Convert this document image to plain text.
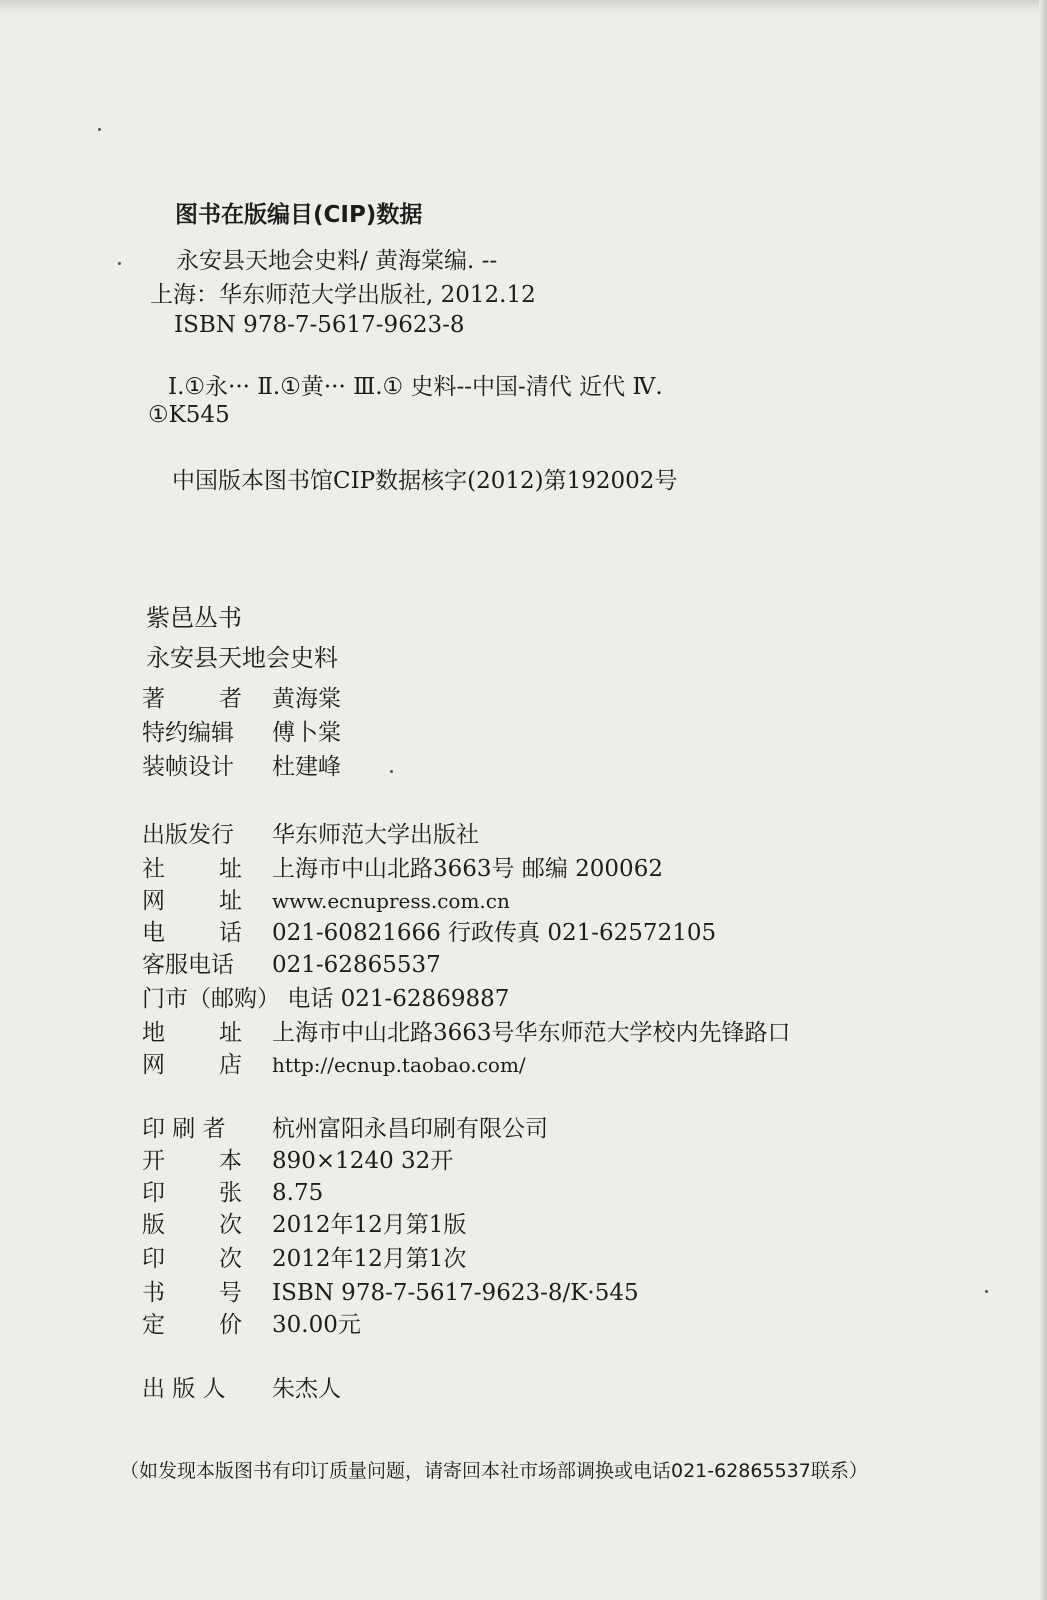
图书在版编目(CIP)数据
永安县天地会史料/ 黄海棠编. --
上海：华东师范大学出版社, 2012.12
ISBN 978-7-5617-9623-8
Ⅰ.①永··· Ⅱ.①黄··· Ⅲ.① 史料--中国-清代 近代 Ⅳ.
①K545
中国版本图书馆CIP数据核字(2012)第192002号
紫邑丛书
永安县天地会史料
著 者 黄海棠
特约编辑 傅卜棠
装帧设计 杜建峰
出版发行 华东师范大学出版社
社 址 上海市中山北路3663号 邮编 200062
网 址 www.ecnupress.com.cn
电 话 021-60821666 行政传真 021-62572105
客服电话 021-62865537
门市（邮购） 电话 021-62869887
地 址 上海市中山北路3663号华东师范大学校内先锋路口
网 店 http://ecnup.taobao.com/
印 刷 者 杭州富阳永昌印刷有限公司
开 本 890×1240 32开
印 张 8.75
版 次 2012年12月第1版
印 次 2012年12月第1次
书 号 ISBN 978-7-5617-9623-8/K·545
定 价 30.00元
出 版 人 朱杰人
（如发现本版图书有印订质量问题，请寄回本社市场部调换或电话021-62865537联系）
